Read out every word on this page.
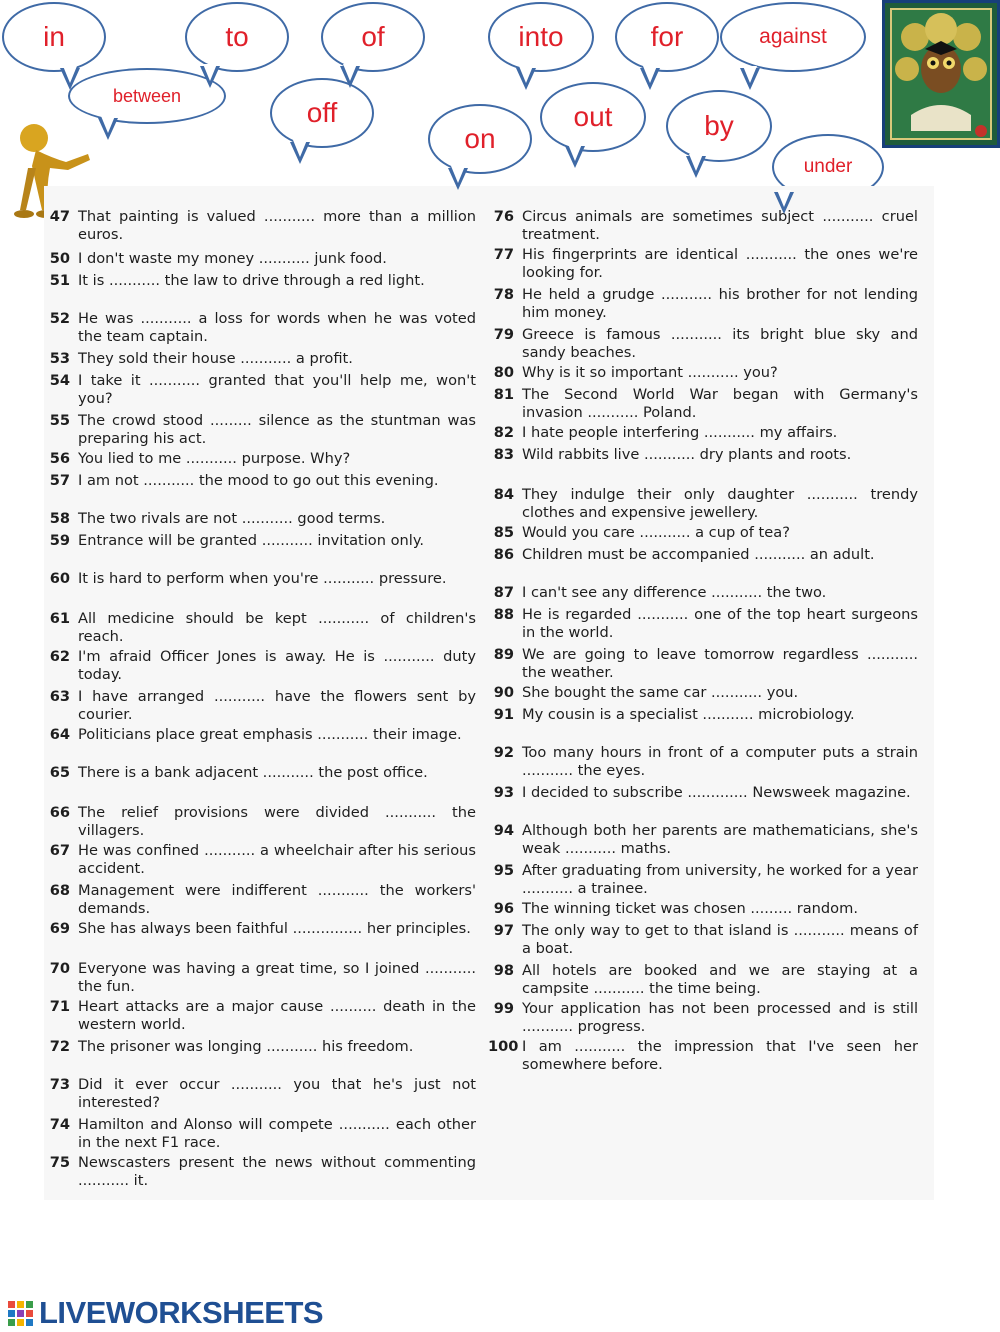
in	to	of	into	for	against
between
off	out
on	by
under
47 That painting is valued ........... more than a million euros.
50 I don't waste my money ........... junk food.
51 It is ........... the law to drive through a red light.
52 He was ........... a loss for words when he was voted the team captain.
53 They sold their house ........... a profit.
54 I take it ........... granted that you'll help me, won't you?
55 The crowd stood ......... silence as the stuntman was preparing his act.
56 You lied to me ........... purpose. Why?
57 I am not ........... the mood to go out this evening.
58 The two rivals are not ........... good terms.
59 Entrance will be granted ........... invitation only.
60 It is hard to perform when you're ........... pressure.
61 All medicine should be kept ........... of children's reach.
62 I'm afraid Officer Jones is away. He is ........... duty today.
63 I have arranged ........... have the flowers sent by courier.
64 Politicians place great emphasis ........... their image.
65 There is a bank adjacent ........... the post office.
66 The relief provisions were divided ........... the villagers.
67 He was confined ........... a wheelchair after his serious accident.
68 Management were indifferent ........... the workers' demands.
69 She has always been faithful ............... her principles.
70 Everyone was having a great time, so I joined ........... the fun.
71 Heart attacks are a major cause .......... death in the western world.
72 The prisoner was longing ........... his freedom.
73 Did it ever occur ........... you that he's just not interested?
74 Hamilton and Alonso will compete ........... each other in the next F1 race.
75 Newscasters present the news without commenting ........... it.
76 Circus animals are sometimes subject ........... cruel treatment.
77 His fingerprints are identical ........... the ones we're looking for.
78 He held a grudge ........... his brother for not lending him money.
79 Greece is famous ........... its bright blue sky and sandy beaches.
80 Why is it so important ........... you?
81 The Second World War began with Germany's invasion ........... Poland.
82 I hate people interfering ........... my affairs.
83 Wild rabbits live ........... dry plants and roots.
84 They indulge their only daughter ........... trendy clothes and expensive jewellery.
85 Would you care ........... a cup of tea?
86 Children must be accompanied ........... an adult.
87 I can't see any difference ........... the two.
88 He is regarded ........... one of the top heart surgeons in the world.
89 We are going to leave tomorrow regardless ........... the weather.
90 She bought the same car ........... you.
91 My cousin is a specialist ........... microbiology.
92 Too many hours in front of a computer puts a strain ........... the eyes.
93 I decided to subscribe ............. Newsweek magazine.
94 Although both her parents are mathematicians, she's weak ........... maths.
95 After graduating from university, he worked for a year ........... a trainee.
96 The winning ticket was chosen ......... random.
97 The only way to get to that island is ........... means of a boat.
98 All hotels are booked and we are staying at a campsite ........... the time being.
99 Your application has not been processed and is still ........... progress.
100 I am ........... the impression that I've seen her somewhere before.
LIVEWORKSHEETS
